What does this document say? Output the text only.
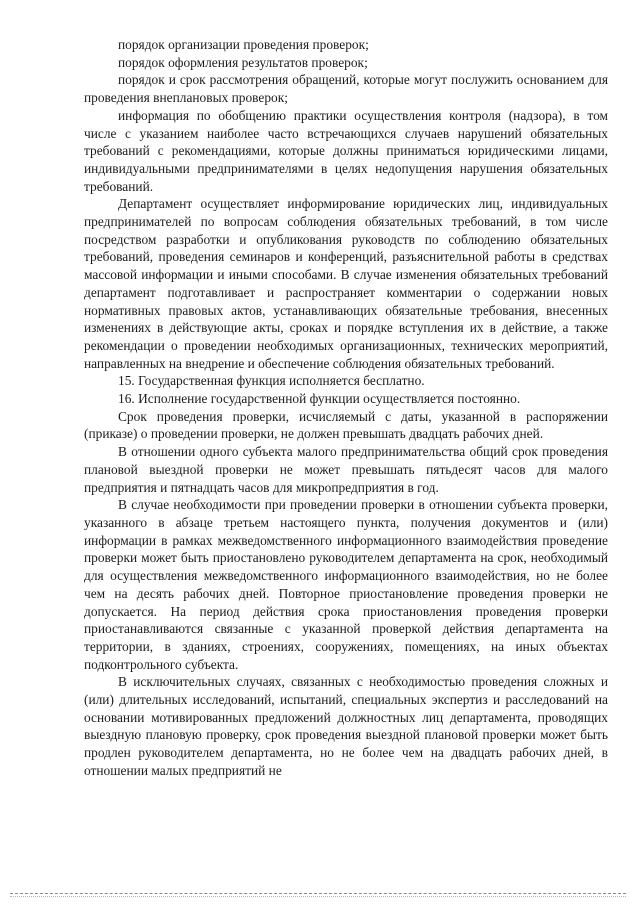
порядок организации проведения проверок;

порядок оформления результатов проверок;

порядок и срок рассмотрения обращений, которые могут послужить основанием для проведения внеплановых проверок;

информация по обобщению практики осуществления контроля (надзора), в том числе с указанием наиболее часто встречающихся случаев нарушений обязательных требований с рекомендациями, которые должны приниматься юридическими лицами, индивидуальными предпринимателями в целях недопущения нарушения обязательных требований.

Департамент осуществляет информирование юридических лиц, индивидуальных предпринимателей по вопросам соблюдения обязательных требований, в том числе посредством разработки и опубликования руководств по соблюдению обязательных требований, проведения семинаров и конференций, разъяснительной работы в средствах массовой информации и иными способами. В случае изменения обязательных требований департамент подготавливает и распространяет комментарии о содержании новых нормативных правовых актов, устанавливающих обязательные требования, внесенных изменениях в действующие акты, сроках и порядке вступления их в действие, а также рекомендации о проведении необходимых организационных, технических мероприятий, направленных на внедрение и обеспечение соблюдения обязательных требований.

15. Государственная функция исполняется бесплатно.

16. Исполнение государственной функции осуществляется постоянно.

Срок проведения проверки, исчисляемый с даты, указанной в распоряжении (приказе) о проведении проверки, не должен превышать двадцать рабочих дней.

В отношении одного субъекта малого предпринимательства общий срок проведения плановой выездной проверки не может превышать пятьдесят часов для малого предприятия и пятнадцать часов для микропредприятия в год.

В случае необходимости при проведении проверки в отношении субъекта проверки, указанного в абзаце третьем настоящего пункта, получения документов и (или) информации в рамках межведомственного информационного взаимодействия проведение проверки может быть приостановлено руководителем департамента на срок, необходимый для осуществления межведомственного информационного взаимодействия, но не более чем на десять рабочих дней. Повторное приостановление проведения проверки не допускается. На период действия срока приостановления проведения проверки приостанавливаются связанные с указанной проверкой действия департамента на территории, в зданиях, строениях, сооружениях, помещениях, на иных объектах подконтрольного субъекта.

В исключительных случаях, связанных с необходимостью проведения сложных и (или) длительных исследований, испытаний, специальных экспертиз и расследований на основании мотивированных предложений должностных лиц департамента, проводящих выездную плановую проверку, срок проведения выездной плановой проверки может быть продлен руководителем департамента, но не более чем на двадцать рабочих дней, в отношении малых предприятий не
